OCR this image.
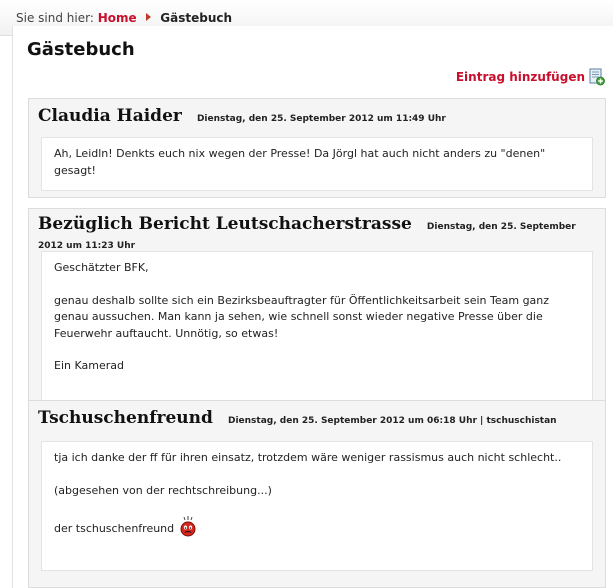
Sie sind hier: Home Gästebuch
Gästebuch
Eintrag hinzufügen
Claudia Haider Dienstag, den 25. September 2012 um 11:49 Uhr

Ah, Leidln! Denkts euch nix wegen der Presse! Da Jörgl hat auch nicht anders zu "denen" gesagt!

Bezüglich Bericht Leutschacherstrasse Dienstag, den 25. September 2012 um 11:23 Uhr

Geschätzter BFK,

genau deshalb sollte sich ein Bezirksbeauftragter für Öffentlichkeitsarbeit sein Team ganz genau aussuchen. Man kann ja sehen, wie schnell sonst wieder negative Presse über die Feuerwehr auftaucht. Unnötig, so etwas!

Ein Kamerad

Tschuschenfreund Dienstag, den 25. September 2012 um 06:18 Uhr | tschuschistan

tja ich danke der ff für ihren einsatz, trotzdem wäre weniger rassismus auch nicht schlecht..

(abgesehen von der rechtschreibung...)

der tschuschenfreund
